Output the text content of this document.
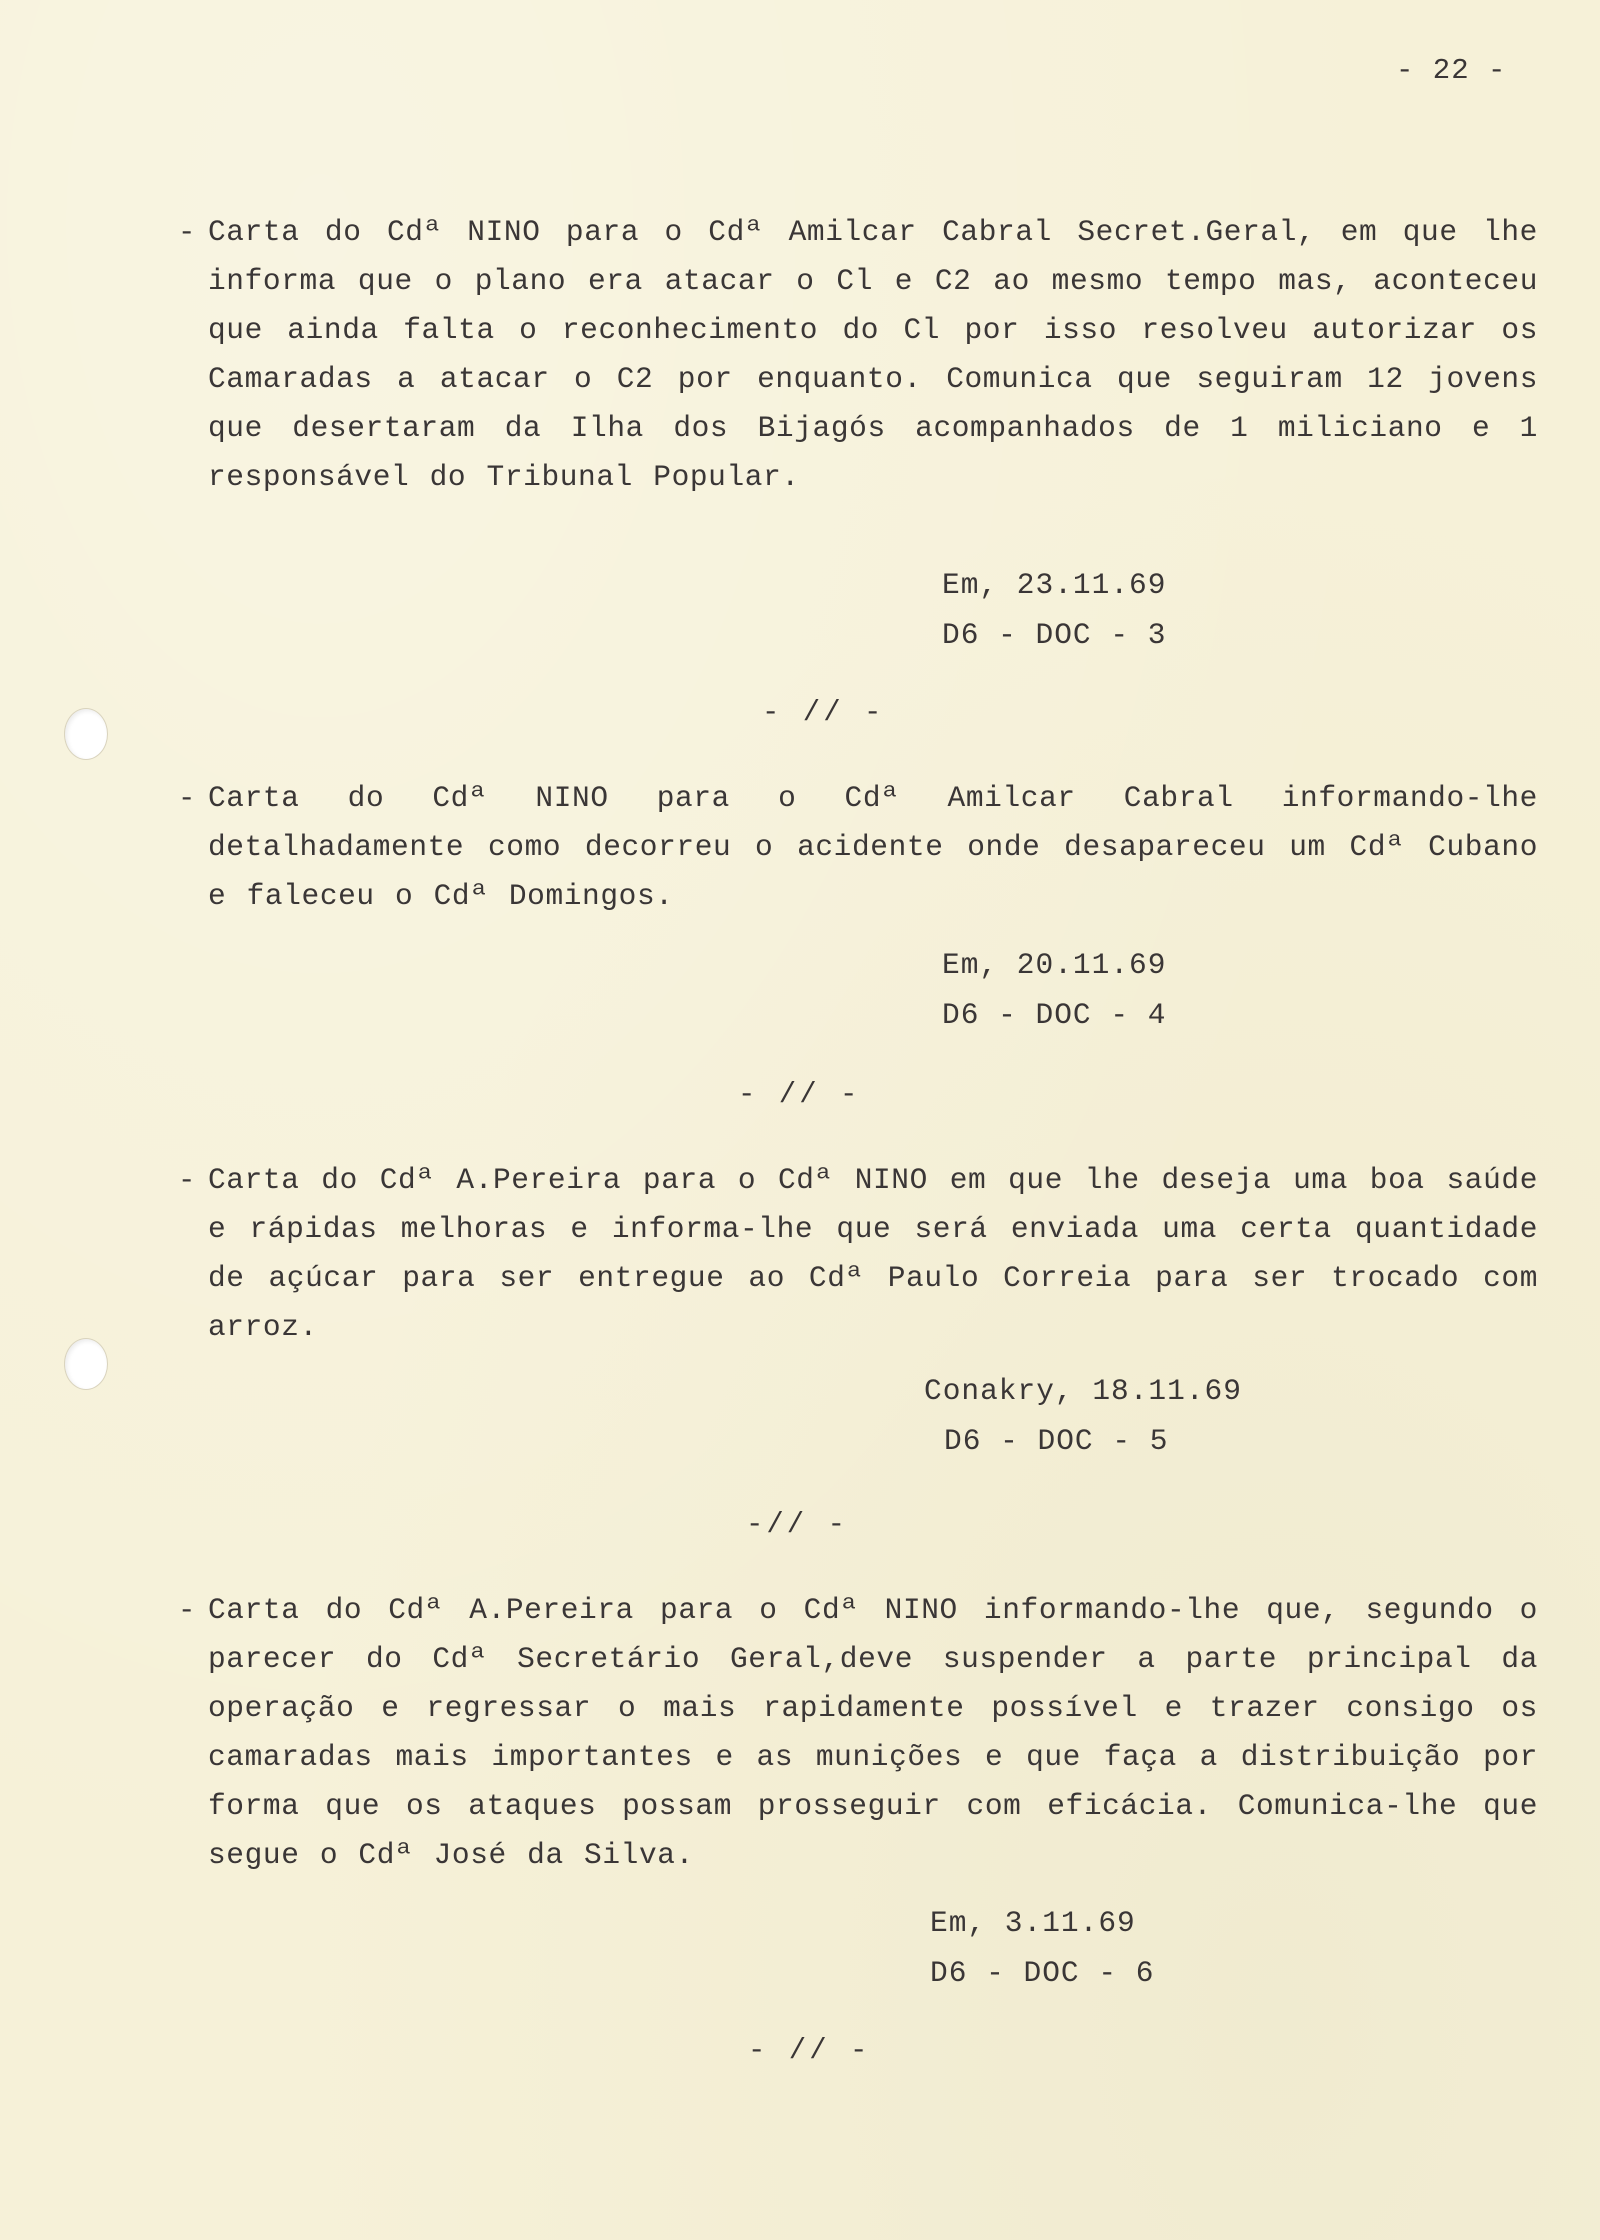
- 22 -
- Carta do Cdª NINO para o Cdª Amilcar Cabral Secret.Geral, em que lhe informa que o plano era atacar o Cl e C2 ao mesmo tempo mas, aconteceu que ainda falta o reconhecimento do Cl por isso resolveu autorizar os Camaradas a atacar o C2 por enquanto. Comunica que seguiram 12 jovens que desertaram da Ilha dos Bijagós acompanhados de 1 miliciano e 1 responsável do Tribunal Popular.
Em, 23.11.69
D6 - DOC - 3
- // -
- Carta do Cdª NINO para o Cdª Amilcar Cabral informando-lhe detalhadamente como decorreu o acidente onde desapareceu um Cdª Cubano e faleceu o Cdª Domingos.
Em, 20.11.69
D6 - DOC - 4
- // -
- Carta do Cdª A.Pereira para o Cdª NINO em que lhe deseja uma boa saúde e rápidas melhoras e informa-lhe que será enviada uma certa quantidade de açúcar para ser entregue ao Cdª Paulo Correia para ser trocado com arroz.
Conakry, 18.11.69
D6 - DOC - 5
-// -
- Carta do Cdª A.Pereira para o Cdª NINO informando-lhe que, segundo o parecer do Cdª Secretário Geral,deve suspender a parte principal da operação e regressar o mais rapidamente possível e trazer consigo os camaradas mais importantes e as munições e que faça a distribuição por forma que os ataques possam prosseguir com eficácia. Comunica-lhe que segue o Cdª José da Silva.
Em, 3.11.69
D6 - DOC - 6
- // -
